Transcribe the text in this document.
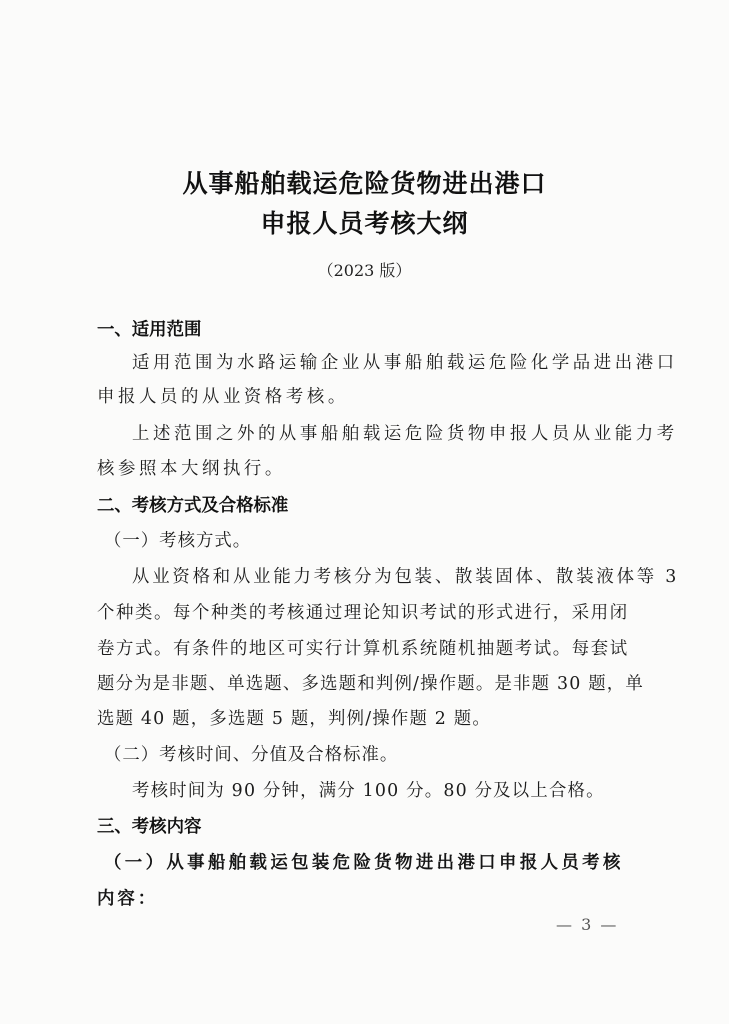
从事船舶载运危险货物进出港口
申报人员考核大纲
（2023 版）
一、适用范围
适用范围为水路运输企业从事船舶载运危险化学品进出港口
申报人员的从业资格考核。
上述范围之外的从事船舶载运危险货物申报人员从业能力考
核参照本大纲执行。
二、考核方式及合格标准
（一）考核方式。
从业资格和从业能力考核分为包装、散装固体、散装液体等 3
个种类。每个种类的考核通过理论知识考试的形式进行，采用闭
卷方式。有条件的地区可实行计算机系统随机抽题考试。每套试
题分为是非题、单选题、多选题和判例/操作题。是非题 30 题，单
选题 40 题，多选题 5 题，判例/操作题 2 题。
（二）考核时间、分值及合格标准。
考核时间为 90 分钟，满分 100 分。80 分及以上合格。
三、考核内容
（一）从事船舶载运包装危险货物进出港口申报人员考核
内容：
— 3 —
